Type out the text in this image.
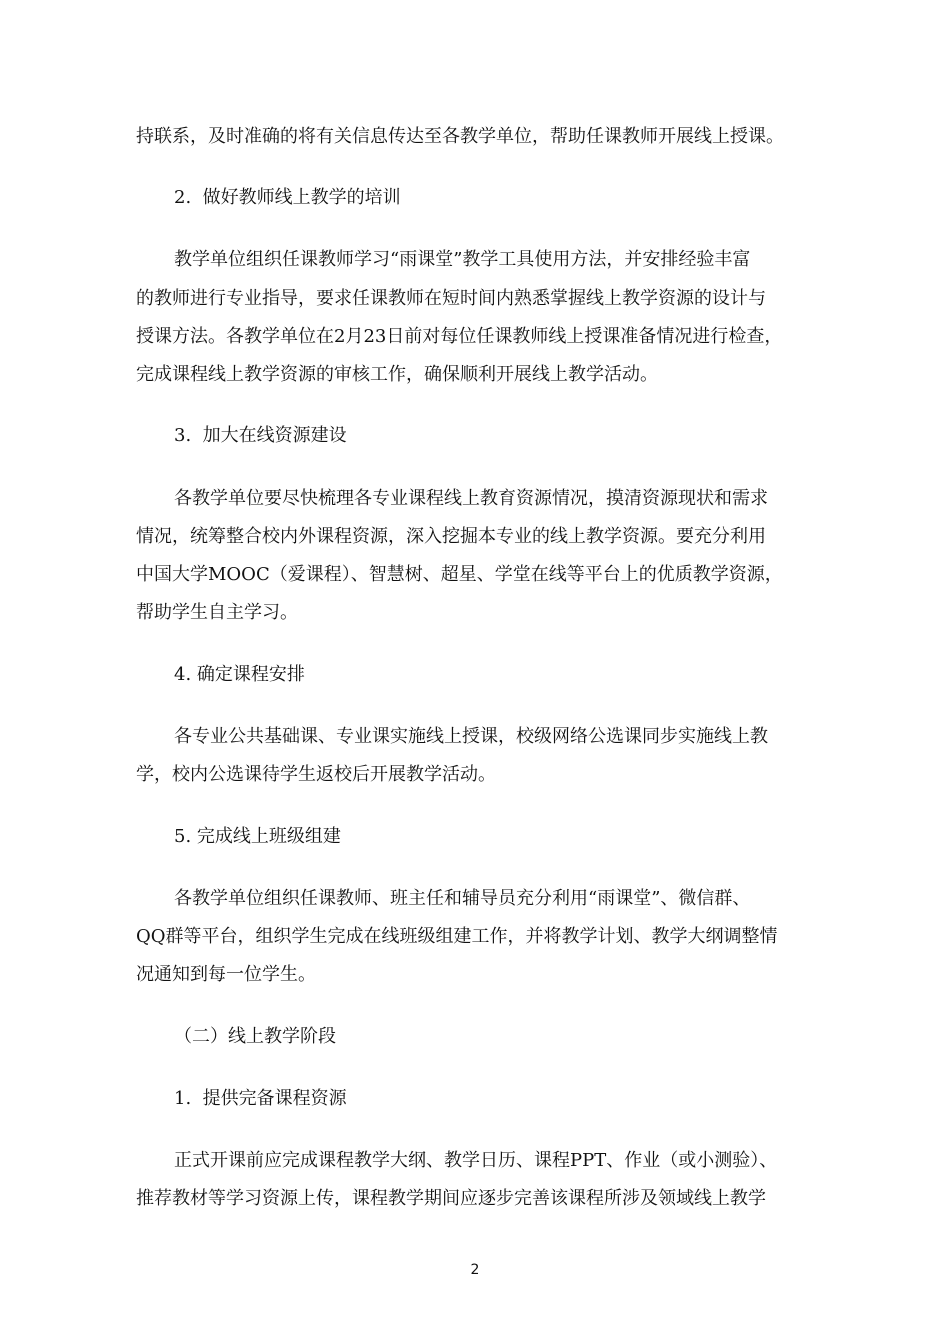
持联系，及时准确的将有关信息传达至各教学单位，帮助任课教师开展线上授课。

2.  做好教师线上教学的培训

教学单位组织任课教师学习“雨课堂”教学工具使用方法，并安排经验丰富

的教师进行专业指导，要求任课教师在短时间内熟悉掌握线上教学资源的设计与

授课方法。各教学单位在2月23日前对每位任课教师线上授课准备情况进行检查，

完成课程线上教学资源的审核工作，确保顺利开展线上教学活动。

3.  加大在线资源建设

各教学单位要尽快梳理各专业课程线上教育资源情况，摸清资源现状和需求

情况，统筹整合校内外课程资源，深入挖掘本专业的线上教学资源。要充分利用

中国大学MOOC（爱课程）、智慧树、超星、学堂在线等平台上的优质教学资源，

帮助学生自主学习。

4. 确定课程安排

各专业公共基础课、专业课实施线上授课，校级网络公选课同步实施线上教

学，校内公选课待学生返校后开展教学活动。

5. 完成线上班级组建

各教学单位组织任课教师、班主任和辅导员充分利用“雨课堂”、微信群、

QQ群等平台，组织学生完成在线班级组建工作，并将教学计划、教学大纲调整情

况通知到每一位学生。

（二）线上教学阶段

1.  提供完备课程资源

正式开课前应完成课程教学大纲、教学日历、课程PPT、作业（或小测验）、

推荐教材等学习资源上传，课程教学期间应逐步完善该课程所涉及领域线上教学

2
